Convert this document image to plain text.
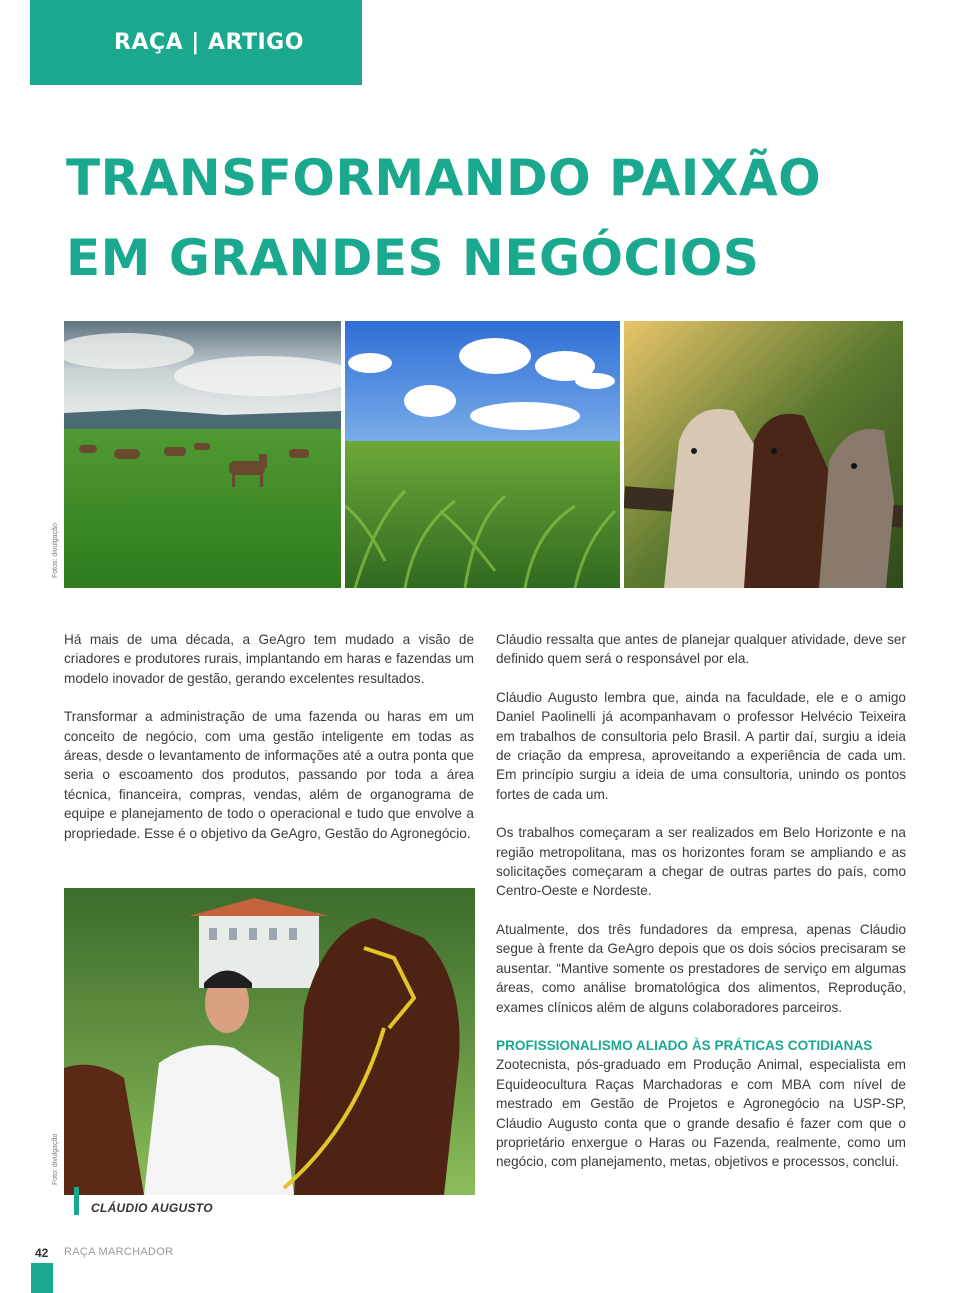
RAÇA | ARTIGO
TRANSFORMANDO PAIXÃO
EM GRANDES NEGÓCIOS
Fotos: divulgação

Há mais de uma década, a GeAgro tem mudado a visão de criadores e produtores rurais, implantando em haras e fazendas um modelo inovador de gestão, gerando excelentes resultados.

Transformar a administração de uma fazenda ou haras em um conceito de negócio, com uma gestão inteligente em todas as áreas, desde o levantamento de informações até a outra ponta que seria o escoamento dos produtos, passando por toda a área técnica, financeira, compras, vendas, além de organograma de equipe e planejamento de todo o operacional e tudo que envolve a propriedade. Esse é o objetivo da GeAgro, Gestão do Agronegócio.

Foto: divulgação
CLÁUDIO AUGUSTO

Cláudio ressalta que antes de planejar qualquer atividade, deve ser definido quem será o responsável por ela.

Cláudio Augusto lembra que, ainda na faculdade, ele e o amigo Daniel Paolinelli já acompanhavam o professor Helvécio Teixeira em trabalhos de consultoria pelo Brasil. A partir daí, surgiu a ideia de criação da empresa, aproveitando a experiência de cada um. Em princípio surgiu a ideia de uma consultoria, unindo os pontos fortes de cada um.

Os trabalhos começaram a ser realizados em Belo Horizonte e na região metropolitana, mas os horizontes foram se ampliando e as solicitações começaram a chegar de outras partes do país, como Centro-Oeste e Nordeste.

Atualmente, dos três fundadores da empresa, apenas Cláudio segue à frente da GeAgro depois que os dois sócios precisaram se ausentar. “Mantive somente os prestadores de serviço em algumas áreas, como análise bromatológica dos alimentos, Reprodução, exames clínicos além de alguns colaboradores parceiros.

PROFISSIONALISMO ALIADO ÀS PRÁTICAS COTIDIANAS

Zootecnista, pós-graduado em Produção Animal, especialista em Equideocultura Raças Marchadoras e com MBA com nível de mestrado em Gestão de Projetos e Agronegócio na USP-SP, Cláudio Augusto conta que o grande desafio é fazer com que o proprietário enxergue o Haras ou Fazenda, realmente, como um negócio, com planejamento, metas, objetivos e processos, conclui.

42 RAÇA MARCHADOR
